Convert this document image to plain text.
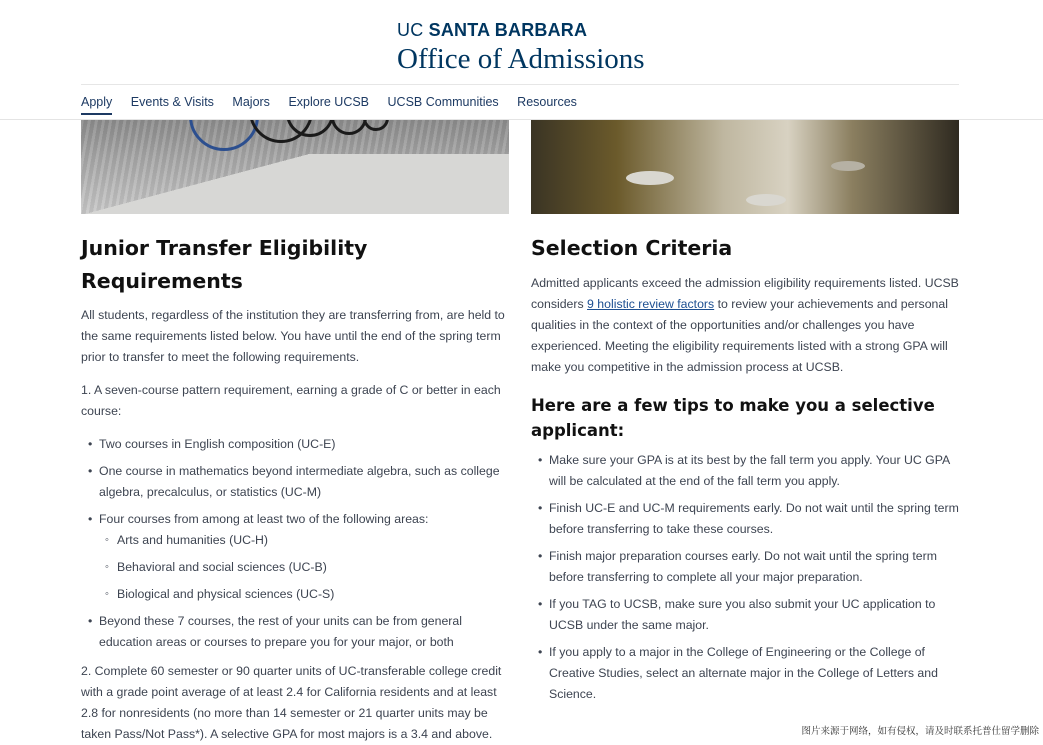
UC SANTA BARBARA
Office of Admissions
Apply Events & Visits Majors Explore UCSB UCSB Communities Resources
Junior Transfer Eligibility
Requirements

All students, regardless of the institution they are transferring from, are held to the same requirements listed below. You have until the end of the spring term prior to transfer to meet the following requirements.

1. A seven-course pattern requirement, earning a grade of C or better in each course:

• Two courses in English composition (UC-E)
• One course in mathematics beyond intermediate algebra, such as college algebra, precalculus, or statistics (UC-M)
• Four courses from among at least two of the following areas:
◦ Arts and humanities (UC-H)
◦ Behavioral and social sciences (UC-B)
◦ Biological and physical sciences (UC-S)
• Beyond these 7 courses, the rest of your units can be from general education areas or courses to prepare you for your major, or both

2. Complete 60 semester or 90 quarter units of UC-transferable college credit with a grade point average of at least 2.4 for California residents and at least 2.8 for nonresidents (no more than 14 semester or 21 quarter units may be taken Pass/Not Pass*). A selective GPA for most majors is a 3.4 and above.

Selection Criteria

Admitted applicants exceed the admission eligibility requirements listed. UCSB considers 9 holistic review factors to review your achievements and personal qualities in the context of the opportunities and/or challenges you have experienced. Meeting the eligibility requirements listed with a strong GPA will make you competitive in the admission process at UCSB.

Here are a few tips to make you a selective applicant:
• Make sure your GPA is at its best by the fall term you apply. Your UC GPA will be calculated at the end of the fall term you apply.
• Finish UC-E and UC-M requirements early. Do not wait until the spring term before transferring to take these courses.
• Finish major preparation courses early. Do not wait until the spring term before transferring to complete all your major preparation.
• If you TAG to UCSB, make sure you also submit your UC application to UCSB under the same major.
• If you apply to a major in the College of Engineering or the College of Creative Studies, select an alternate major in the College of Letters and Science.
图片来源于网络，如有侵权，请及时联系托普仕留学删除
